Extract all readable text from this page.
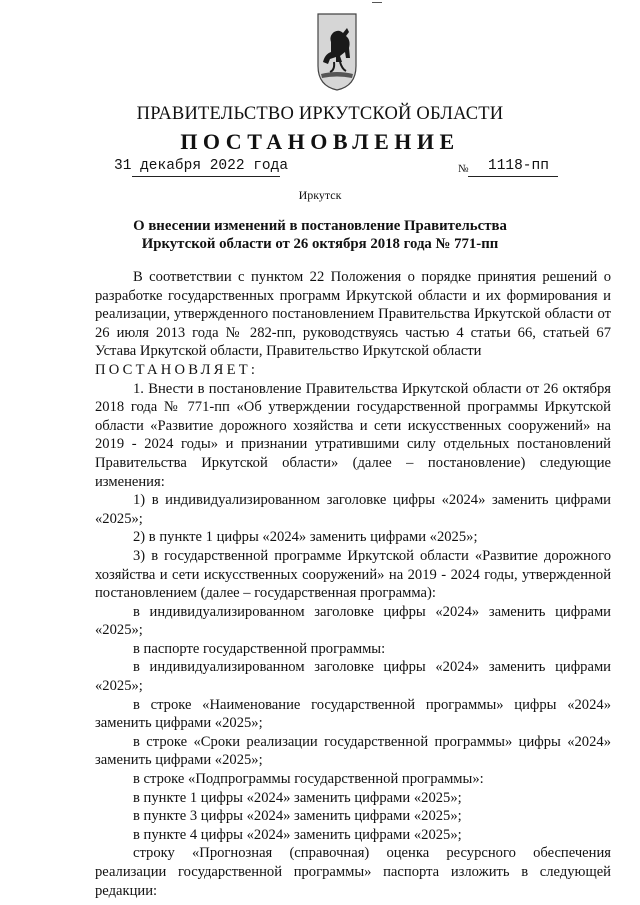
ПРАВИТЕЛЬСТВО ИРКУТСКОЙ ОБЛАСТИ
ПОСТАНОВЛЕНИЕ
31 декабря 2022 года	№ 1118-пп
Иркутск
О внесении изменений в постановление Правительства
Иркутской области от 26 октября 2018 года № 771-пп

В соответствии с пунктом 22 Положения о порядке принятия решений о разработке государственных программ Иркутской области и их формирования и реализации, утвержденного постановлением Правительства Иркутской области от 26 июля 2013 года № 282-пп, руководствуясь частью 4 статьи 66, статьей 67 Устава Иркутской области, Правительство Иркутской области

ПОСТАНОВЛЯЕТ:

1. Внести в постановление Правительства Иркутской области от 26 октября 2018 года № 771-пп «Об утверждении государственной программы Иркутской области «Развитие дорожного хозяйства и сети искусственных сооружений» на 2019 - 2024 годы» и признании утратившими силу отдельных постановлений Правительства Иркутской области» (далее – постановление) следующие изменения:

1) в индивидуализированном заголовке цифры «2024» заменить цифрами «2025»;

2) в пункте 1 цифры «2024» заменить цифрами «2025»;

3) в государственной программе Иркутской области «Развитие дорожного хозяйства и сети искусственных сооружений» на 2019 - 2024 годы, утвержденной постановлением (далее – государственная программа):

в индивидуализированном заголовке цифры «2024» заменить цифрами «2025»;

в паспорте государственной программы:

в индивидуализированном заголовке цифры «2024» заменить цифрами «2025»;

в строке «Наименование государственной программы» цифры «2024» заменить цифрами «2025»;

в строке «Сроки реализации государственной программы» цифры «2024» заменить цифрами «2025»;

в строке «Подпрограммы государственной программы»:

в пункте 1 цифры «2024» заменить цифрами «2025»;

в пункте 3 цифры «2024» заменить цифрами «2025»;

в пункте 4 цифры «2024» заменить цифрами «2025»;

строку «Прогнозная (справочная) оценка ресурсного обеспечения реализации государственной программы» паспорта изложить в следующей редакции:
